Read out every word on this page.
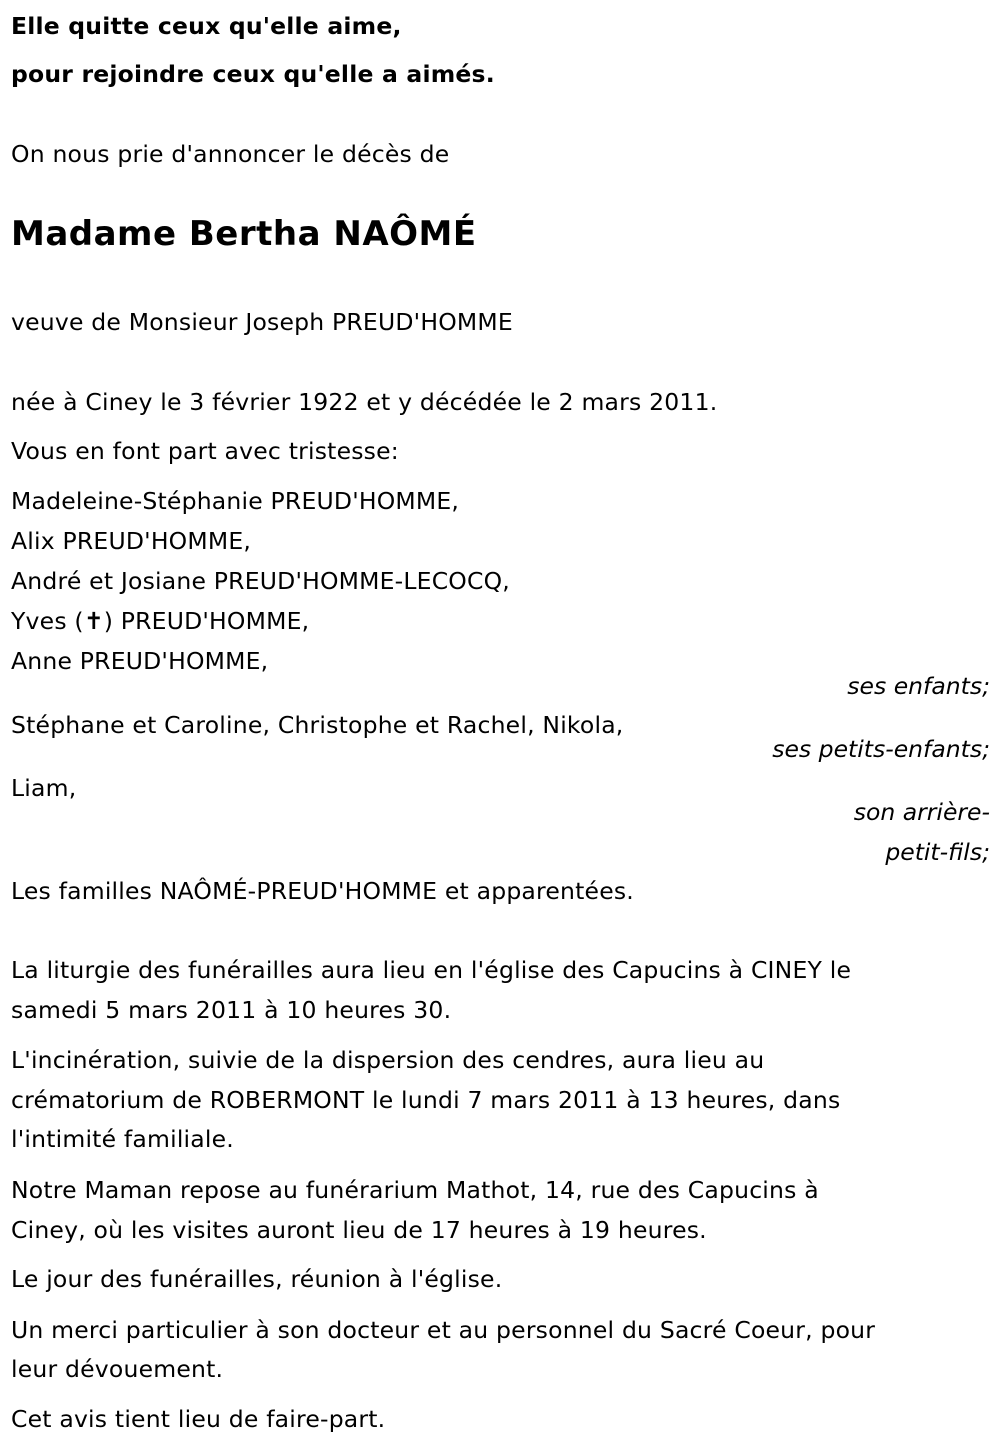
Elle quitte ceux qu'elle aime,
pour rejoindre ceux qu'elle a aimés.
On nous prie d'annoncer le décès de
Madame Bertha NAÔMÉ
veuve de Monsieur Joseph PREUD'HOMME
née à Ciney le 3 février 1922 et y décédée le 2 mars 2011.
Vous en font part avec tristesse:
Madeleine-Stéphanie PREUD'HOMME,
Alix PREUD'HOMME,
André et Josiane PREUD'HOMME-LECOCQ,
Yves (✝) PREUD'HOMME,
Anne PREUD'HOMME,
ses enfants;
Stéphane et Caroline, Christophe et Rachel, Nikola,
ses petits-enfants;
Liam,
son arrière-
petit-fils;
Les familles NAÔMÉ-PREUD'HOMME et apparentées.
La liturgie des funérailles aura lieu en l'église des Capucins à CINEY le
samedi 5 mars 2011 à 10 heures 30.
L'incinération, suivie de la dispersion des cendres, aura lieu au
crématorium de ROBERMONT le lundi 7 mars 2011 à 13 heures, dans
l'intimité familiale.
Notre Maman repose au funérarium Mathot, 14, rue des Capucins à
Ciney, où les visites auront lieu de 17 heures à 19 heures.
Le jour des funérailles, réunion à l'église.
Un merci particulier à son docteur et au personnel du Sacré Coeur, pour
leur dévouement.
Cet avis tient lieu de faire-part.
